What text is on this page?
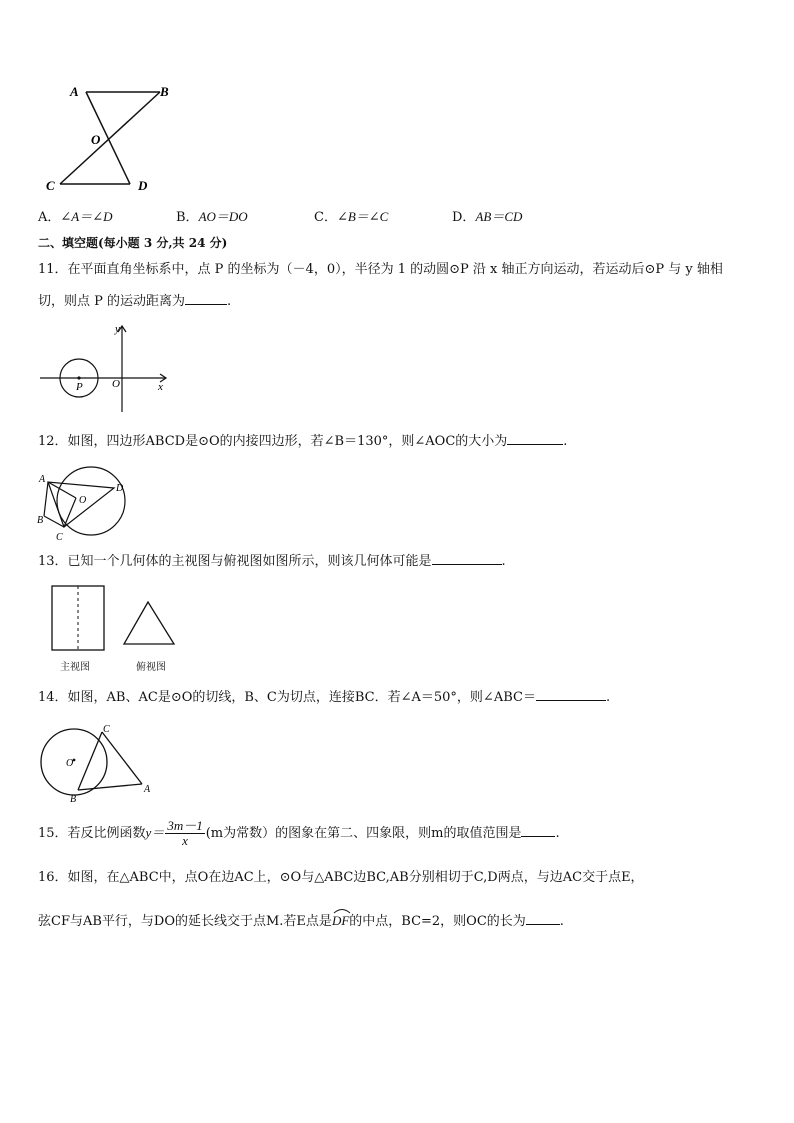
A	B
O
C	D
A．∠A＝∠D	B．AO＝DO	C．∠B＝∠C	D．AB＝CD
二、填空题(每小题 3 分,共 24 分)
11．在平面直角坐标系中，点 P 的坐标为（－4，0），半径为 1 的动圆⊙P 沿 x 轴正方向运动，若运动后⊙P 与 y 轴相
切，则点 P 的运动距离为	.
y
x
P	O
12．如图，四边形ABCD是⊙O的内接四边形，若∠B＝130°，则∠AOC的大小为	.
A
B
C
D
O
13．已知一个几何体的主视图与俯视图如图所示，则该几何体可能是	.
主视图	俯视图
14．如图，AB、AC是⊙O的切线，B、C为切点，连接BC．若∠A＝50°，则∠ABC＝	.
C
O
B
A
15．若反比例函数$y= \frac{3m-1}{x} (m$为常数）的图象在第二、四象限，则m的取值范围是	.
16．如图，在△ABC中，点O在边AC上，⊙O与△ABC边BC,AB分别相切于C,D两点，与边AC交于点E，
弦CF与AB平行，与DO的延长线交于点M.若E点是DF
的中点，BC=2，则OC的长为	.
